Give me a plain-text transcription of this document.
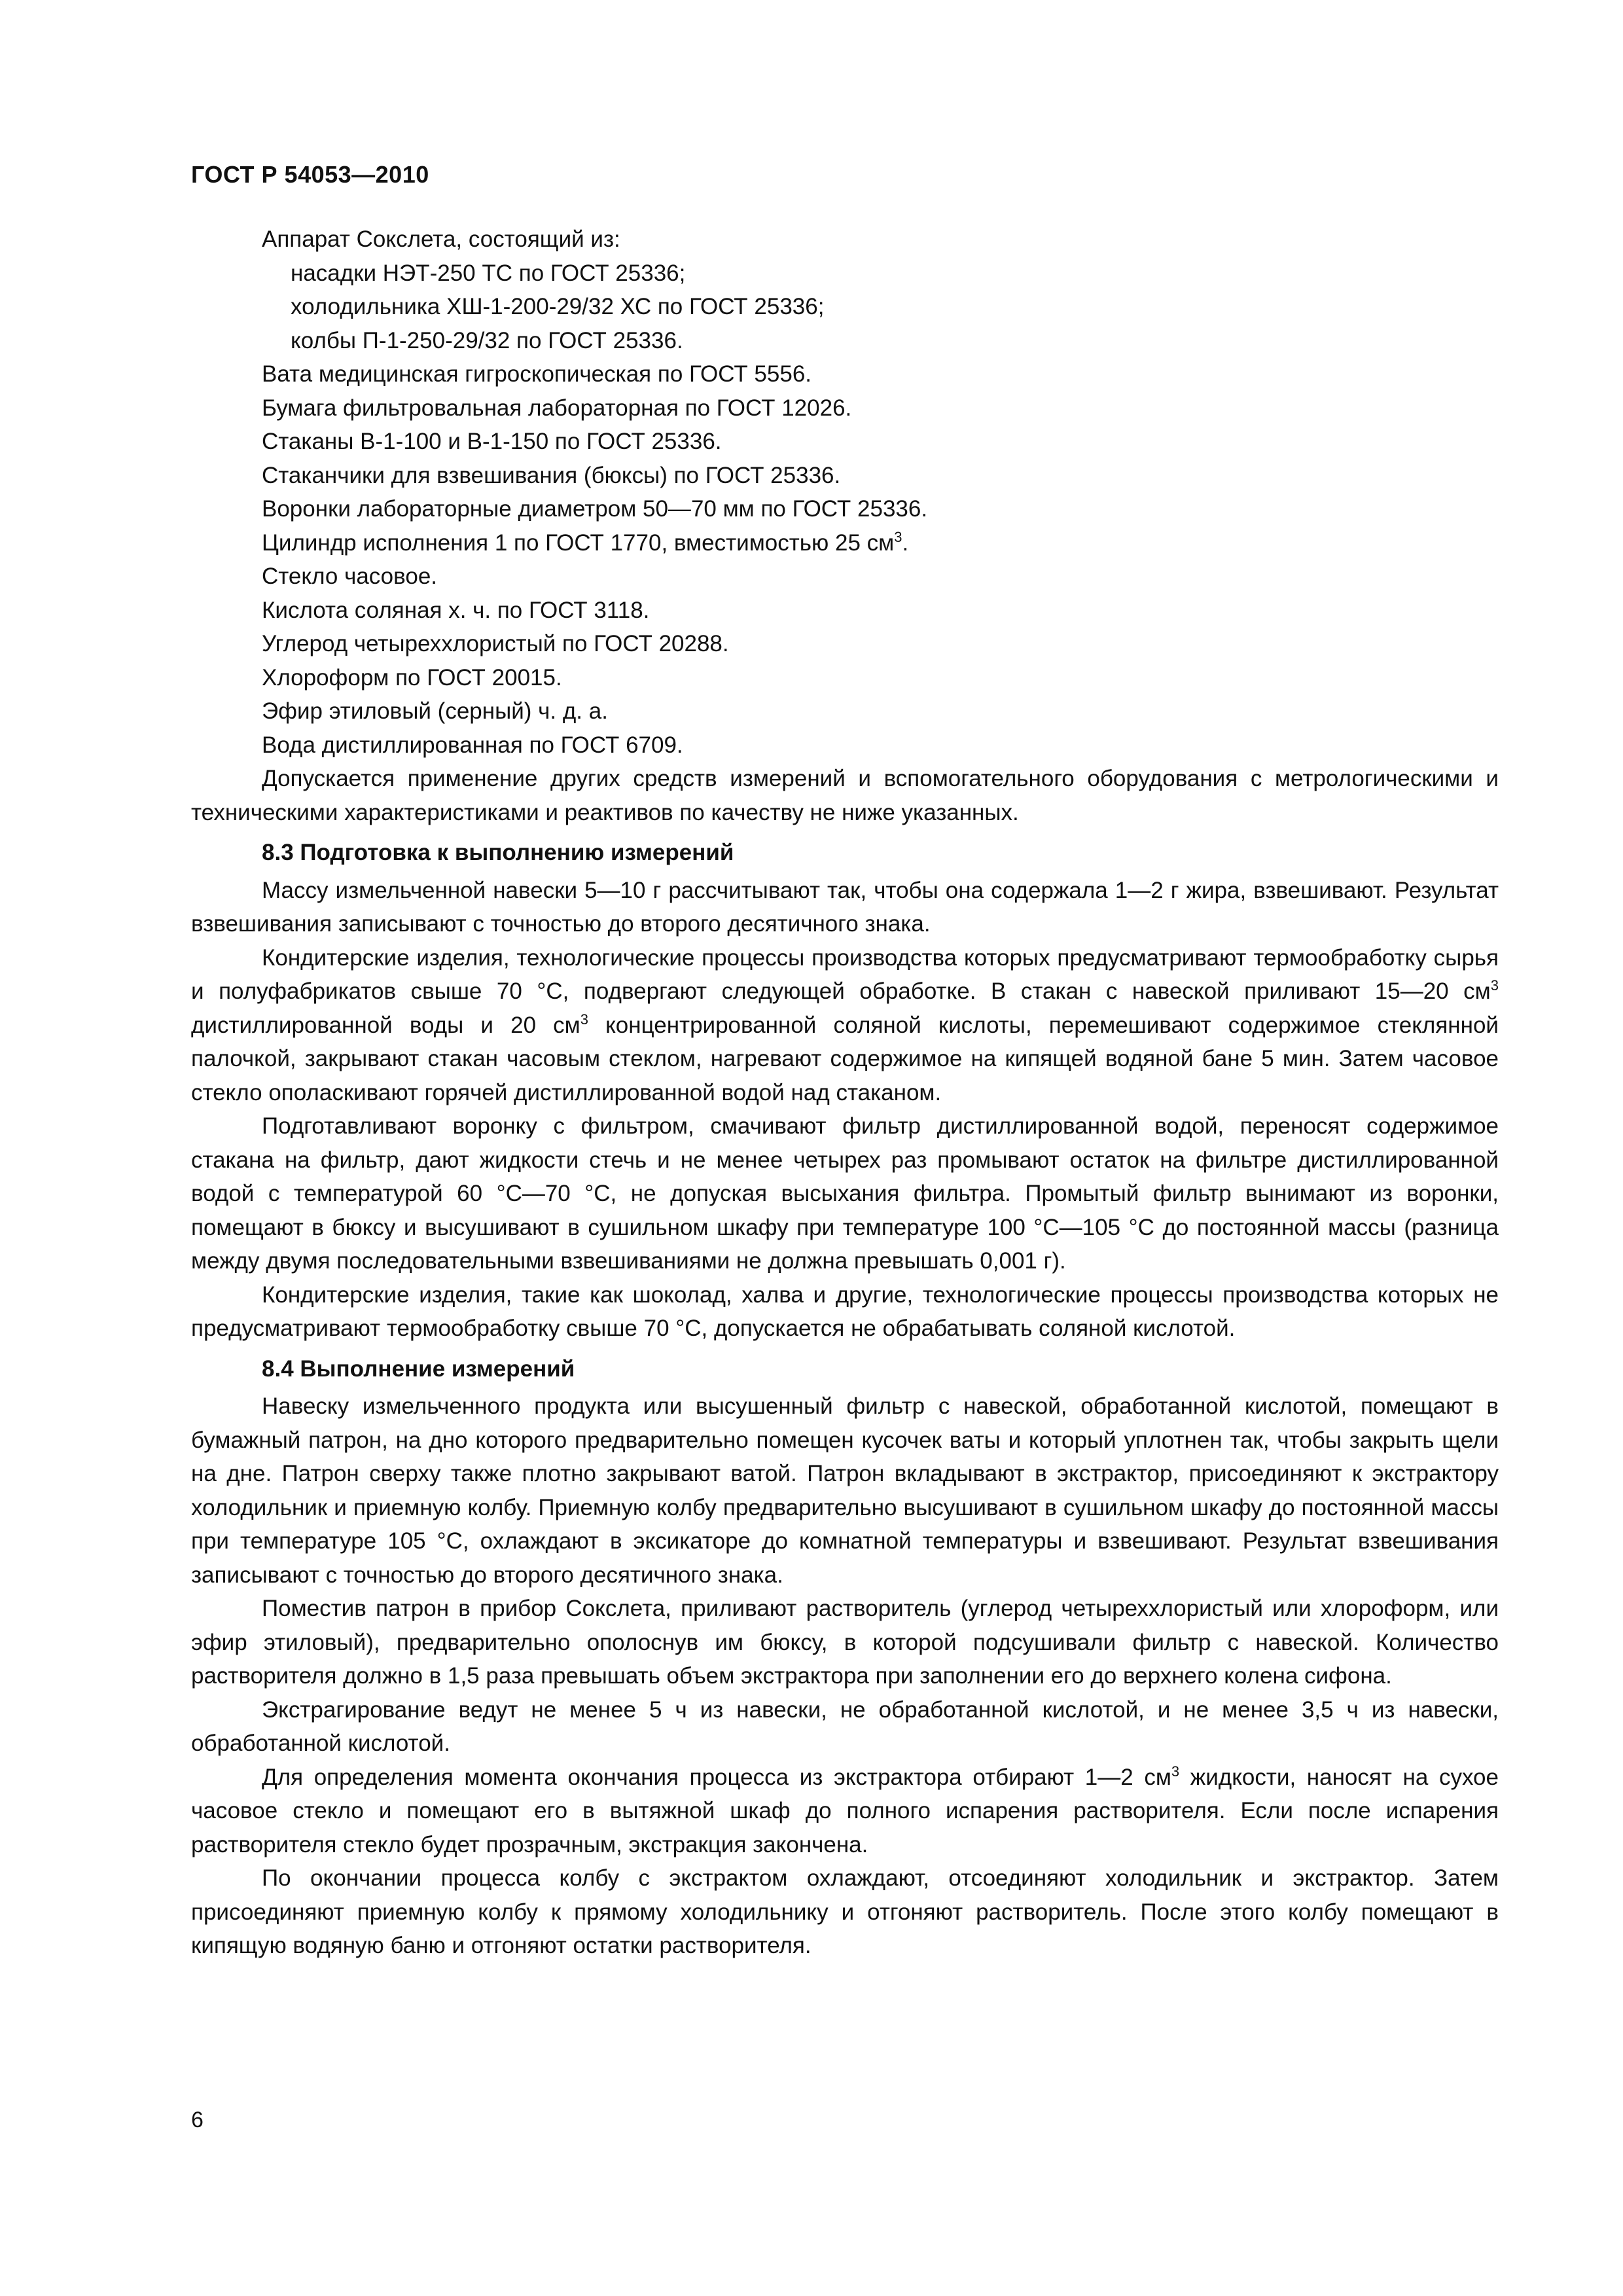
ГОСТ Р 54053—2010
Аппарат Сокслета, состоящий из:
насадки НЭТ-250 ТС по ГОСТ 25336;
холодильника ХШ-1-200-29/32 ХС по ГОСТ 25336;
колбы П-1-250-29/32 по ГОСТ 25336.
Вата медицинская гигроскопическая по ГОСТ 5556.
Бумага фильтровальная лабораторная по ГОСТ 12026.
Стаканы В-1-100 и В-1-150 по ГОСТ 25336.
Стаканчики для взвешивания (бюксы) по ГОСТ 25336.
Воронки лабораторные диаметром 50—70 мм по ГОСТ 25336.
Цилиндр исполнения 1 по ГОСТ 1770, вместимостью 25 $см^3$.
Стекло часовое.
Кислота соляная х. ч. по ГОСТ 3118.
Углерод четыреххлористый по ГОСТ 20288.
Хлороформ по ГОСТ 20015.
Эфир этиловый (серный) ч. д. а.
Вода дистиллированная по ГОСТ 6709.

Допускается применение других средств измерений и вспомогательного оборудования с метрологическими и техническими характеристиками и реактивов по качеству не ниже указанных.

8.3 Подготовка к выполнению измерений

Массу измельченной навески 5—10 г рассчитывают так, чтобы она содержала 1—2 г жира, взвешивают. Результат взвешивания записывают с точностью до второго десятичного знака.

Кондитерские изделия, технологические процессы производства которых предусматривают термообработку сырья и полуфабрикатов свыше 70 °С, подвергают следующей обработке. В стакан с навеской приливают 15—20 $см^3$ дистиллированной воды и 20 $см^3$ концентрированной соляной кислоты, перемешивают содержимое стеклянной палочкой, закрывают стакан часовым стеклом, нагревают содержимое на кипящей водяной бане 5 мин. Затем часовое стекло ополаскивают горячей дистиллированной водой над стаканом.

Подготавливают воронку с фильтром, смачивают фильтр дистиллированной водой, переносят содержимое стакана на фильтр, дают жидкости стечь и не менее четырех раз промывают остаток на фильтре дистиллированной водой с температурой 60 °С—70 °С, не допуская высыхания фильтра. Промытый фильтр вынимают из воронки, помещают в бюксу и высушивают в сушильном шкафу при температуре 100 °С—105 °С до постоянной массы (разница между двумя последовательными взвешиваниями не должна превышать 0,001 г).

Кондитерские изделия, такие как шоколад, халва и другие, технологические процессы производства которых не предусматривают термообработку свыше 70 °С, допускается не обрабатывать соляной кислотой.

8.4 Выполнение измерений

Навеску измельченного продукта или высушенный фильтр с навеской, обработанной кислотой, помещают в бумажный патрон, на дно которого предварительно помещен кусочек ваты и который уплотнен так, чтобы закрыть щели на дне. Патрон сверху также плотно закрывают ватой. Патрон вкладывают в экстрактор, присоединяют к экстрактору холодильник и приемную колбу. Приемную колбу предварительно высушивают в сушильном шкафу до постоянной массы при температуре 105 °С, охлаждают в эксикаторе до комнатной температуры и взвешивают. Результат взвешивания записывают с точностью до второго десятичного знака.

Поместив патрон в прибор Сокслета, приливают растворитель (углерод четыреххлористый или хлороформ, или эфир этиловый), предварительно ополоснув им бюксу, в которой подсушивали фильтр с навеской. Количество растворителя должно в 1,5 раза превышать объем экстрактора при заполнении его до верхнего колена сифона.

Экстрагирование ведут не менее 5 ч из навески, не обработанной кислотой, и не менее 3,5 ч из навески, обработанной кислотой.

Для определения момента окончания процесса из экстрактора отбирают 1—2 $см^3$ жидкости, наносят на сухое часовое стекло и помещают его в вытяжной шкаф до полного испарения растворителя. Если после испарения растворителя стекло будет прозрачным, экстракция закончена.

По окончании процесса колбу с экстрактом охлаждают, отсоединяют холодильник и экстрактор. Затем присоединяют приемную колбу к прямому холодильнику и отгоняют растворитель. После этого колбу помещают в кипящую водяную баню и отгоняют остатки растворителя.

6
